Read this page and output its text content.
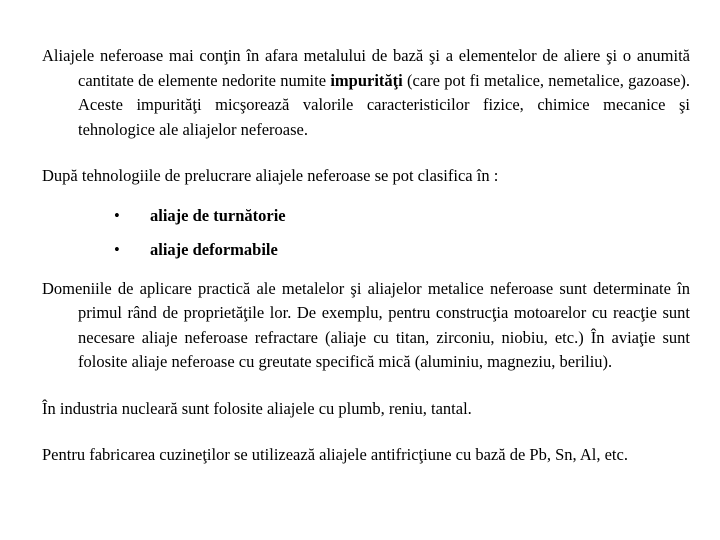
Aliajele neferoase mai conţin în afara metalului de bază şi a elementelor de aliere şi o anumită cantitate de elemente nedorite numite impurităţi (care pot fi metalice, nemetalice, gazoase). Aceste impurităţi micşorează valorile caracteristicilor fizice, chimice mecanice şi tehnologice ale aliajelor neferoase.

După tehnologiile de prelucrare aliajele neferoase se pot clasifica în :

• aliaje de turnătorie
• aliaje deformabile

Domeniile de aplicare practică ale metalelor şi aliajelor metalice neferoase sunt determinate în primul rând de proprietăţile lor. De exemplu, pentru construcţia motoarelor cu reacţie sunt necesare aliaje neferoase refractare (aliaje cu titan, zirconiu, niobiu, etc.) În aviaţie sunt folosite aliaje neferoase cu greutate specifică mică (aluminiu, magneziu, beriliu).

În industria nucleară sunt folosite aliajele cu plumb, reniu, tantal.

Pentru fabricarea cuzineţilor se utilizează aliajele antifricţiune cu bază de Pb, Sn, Al, etc.
